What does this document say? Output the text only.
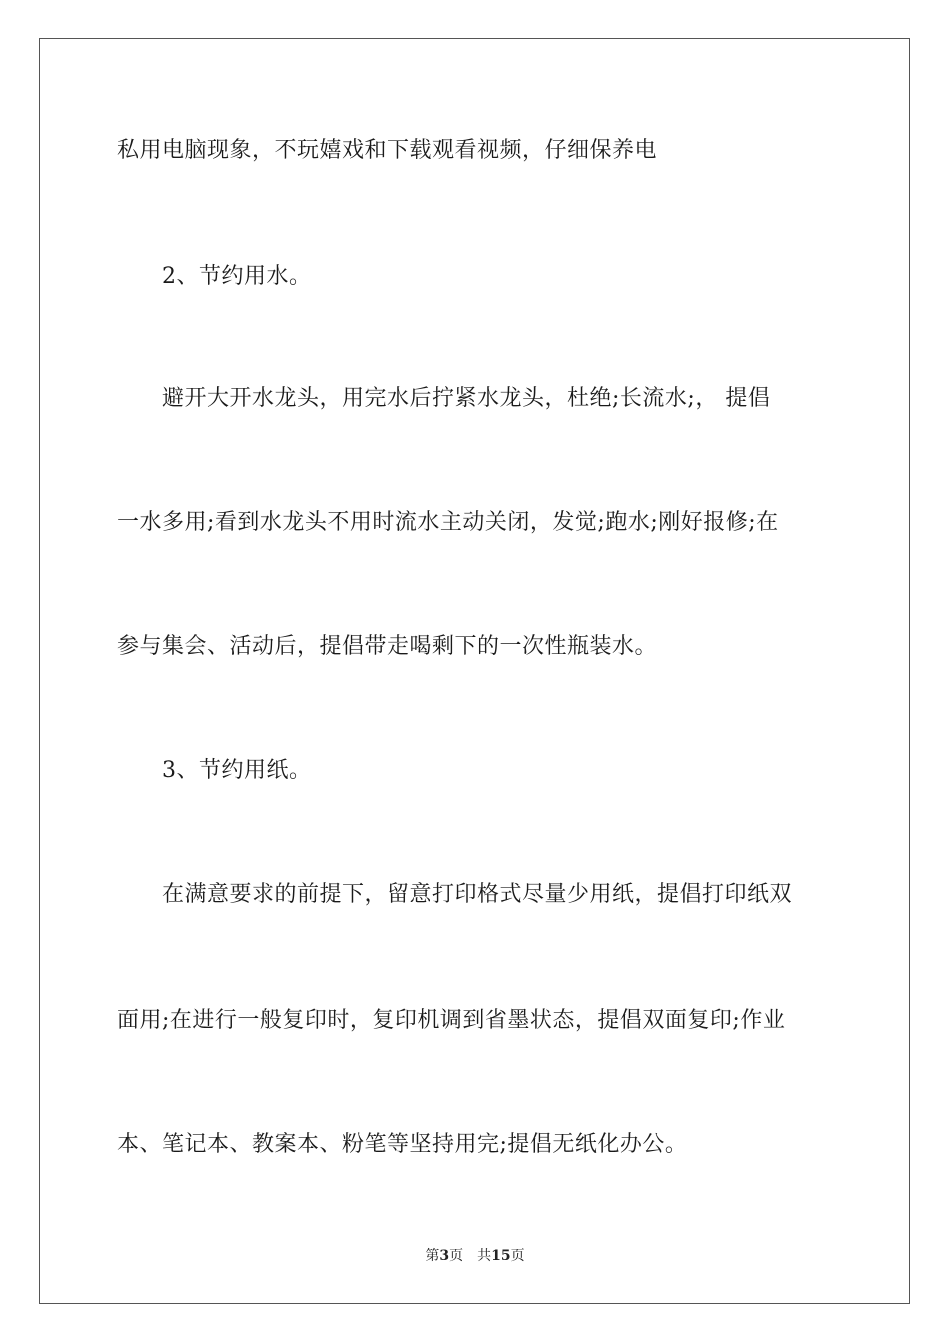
私用电脑现象，不玩嬉戏和下载观看视频，仔细保养电
2、节约用水。
避开大开水龙头，用完水后拧紧水龙头，杜绝;长流水;， 提倡
一水多用;看到水龙头不用时流水主动关闭，发觉;跑水;刚好报修;在
参与集会、活动后，提倡带走喝剩下的一次性瓶装水。
3、节约用纸。
在满意要求的前提下，留意打印格式尽量少用纸，提倡打印纸双
面用;在进行一般复印时，复印机调到省墨状态，提倡双面复印;作业
本、笔记本、教案本、粉笔等坚持用完;提倡无纸化办公。
第3页 共15页
